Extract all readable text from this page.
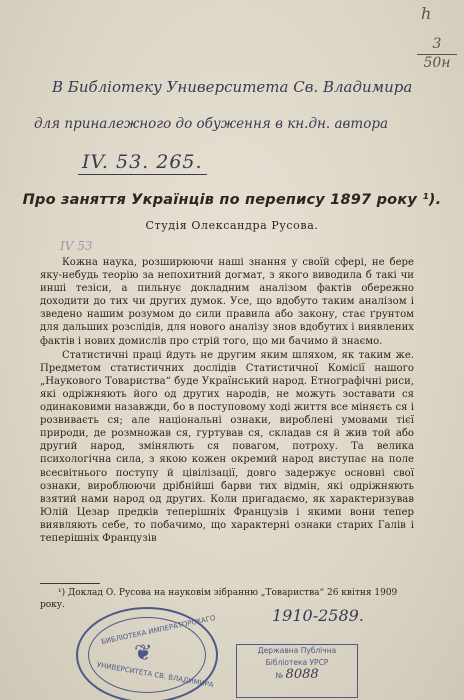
h
3
50н
В Библіотеку Университета Св. Владимира
для приналежного до обуження в кн.дн. автора
IV. 53. 265.
Про заняття Українців по перепису 1897 року ¹).
Студія Олександра Русова.
IV 53

Кожна наука, розширюючи наші знання у своїй сфері, не бере яку-небудь теорію за непохитний догмат, з якого виводила б такі чи инші тезіси, а пильнує докладним аналізом фактів обережно доходити до тих чи других думок. Усе, що вдобуто таким аналізом і зведено нашим розумом до сили правила або закону, стає ґрунтом для дальших розслідів, для нового аналізу знов вдобутих і виявлених фактів і нових домислів про стрій того, що ми бачимо й знаємо.

Статистичні праці йдуть не другим яким шляхом, як таким же. Предметом статистичних дослідів Статистичної Комісії нашого „Наукового Товариства“ буде Український народ. Етнографічні риси, які одріжняють його од других народів, не можуть зоставати ся одинаковими назавжди, бо в поступовому ході життя все міняєть ся і розвиваєть ся; але національні ознаки, вироблені умовами тієї природи, де розмножав ся, гуртував ся, складав ся й жив той або другий народ, змінялють ся повагом, потроху. Та велика психологічна сила, з якою кожен окремий народ виступає на поле всесвітнього поступу й цівілізації, довго задержує основні свої ознаки, вироблюючи дрібнійші барви тих відмін, які одріжняють взятий нами народ од других. Коли пригадаємо, як характеризував Юлій Цезар предків теперішніх Французів і якими вони тепер виявляють себе, то побачимо, що характерні ознаки старих Галів і теперішніх Французів

¹) Доклад О. Русова на науковім зібранню „Товариства“ 26 квітня 1909 року.
1910-2589.
БИБЛІОТЕКА ИМПЕРАТОРСКАГО
❦
УНИВЕРСИТЕТА СВ. ВЛАДИМИРА
Державна Публічна
Бібліотека УРСР
№ 8088
